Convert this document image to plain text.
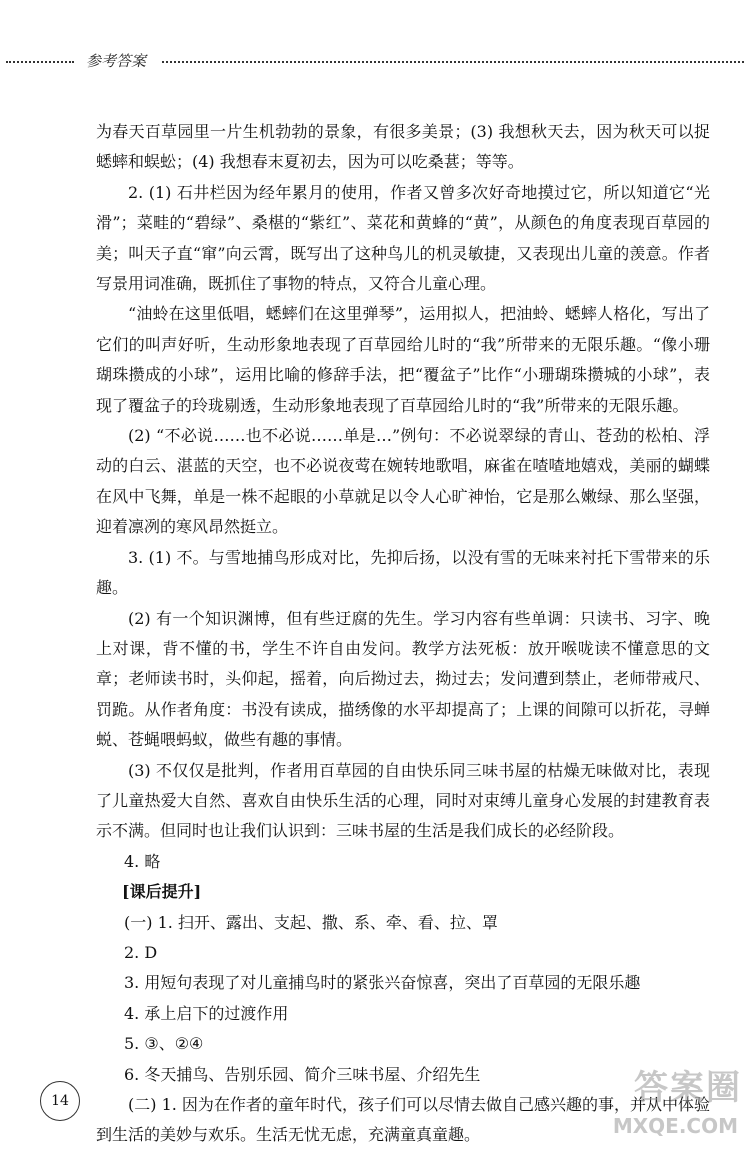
参考答案

为春天百草园里一片生机勃勃的景象，有很多美景；(3) 我想秋天去，因为秋天可以捉蟋蟀和蜈蚣；(4) 我想春末夏初去，因为可以吃桑葚；等等。

2. (1) 石井栏因为经年累月的使用，作者又曾多次好奇地摸过它，所以知道它“光滑”；菜畦的“碧绿”、桑椹的“紫红”、菜花和黄蜂的“黄”，从颜色的角度表现百草园的美；叫天子直“窜”向云霄，既写出了这种鸟儿的机灵敏捷，又表现出儿童的羡意。作者写景用词准确，既抓住了事物的特点，又符合儿童心理。

“油蛉在这里低唱，蟋蟀们在这里弹琴”，运用拟人，把油蛉、蟋蟀人格化，写出了它们的叫声好听，生动形象地表现了百草园给儿时的“我”所带来的无限乐趣。“像小珊瑚珠攒成的小球”，运用比喻的修辞手法，把“覆盆子”比作“小珊瑚珠攒城的小球”，表现了覆盆子的玲珑剔透，生动形象地表现了百草园给儿时的“我”所带来的无限乐趣。

(2) “不必说……也不必说……单是…”例句：不必说翠绿的青山、苍劲的松柏、浮动的白云、湛蓝的天空，也不必说夜莺在婉转地歌唱，麻雀在喳喳地嬉戏，美丽的蝴蝶在风中飞舞，单是一株不起眼的小草就足以令人心旷神怡，它是那么嫩绿、那么坚强，迎着凛冽的寒风昂然挺立。

3. (1) 不。与雪地捕鸟形成对比，先抑后扬，以没有雪的无味来衬托下雪带来的乐趣。

(2) 有一个知识渊博，但有些迂腐的先生。学习内容有些单调：只读书、习字、晚上对课，背不懂的书，学生不许自由发问。教学方法死板：放开喉咙读不懂意思的文章；老师读书时，头仰起，摇着，向后拗过去，拗过去；发问遭到禁止，老师带戒尺、罚跪。从作者角度：书没有读成，描绣像的水平却提高了；上课的间隙可以折花，寻蝉蜕、苍蝇喂蚂蚁，做些有趣的事情。

(3) 不仅仅是批判，作者用百草园的自由快乐同三味书屋的枯燥无味做对比，表现了儿童热爱大自然、喜欢自由快乐生活的心理，同时对束缚儿童身心发展的封建教育表示不满。但同时也让我们认识到：三味书屋的生活是我们成长的必经阶段。

4. 略

[课后提升]

(一) 1. 扫开、露出、支起、撒、系、牵、看、拉、罩

2. D

3. 用短句表现了对儿童捕鸟时的紧张兴奋惊喜，突出了百草园的无限乐趣

4. 承上启下的过渡作用

5. ③、②④

6. 冬天捕鸟、告别乐园、简介三味书屋、介绍先生

(二) 1. 因为在作者的童年时代，孩子们可以尽情去做自己感兴趣的事，并从中体验到生活的美妙与欢乐。生活无忧无虑，充满童真童趣。

14	答案圈
MXQE.COM
